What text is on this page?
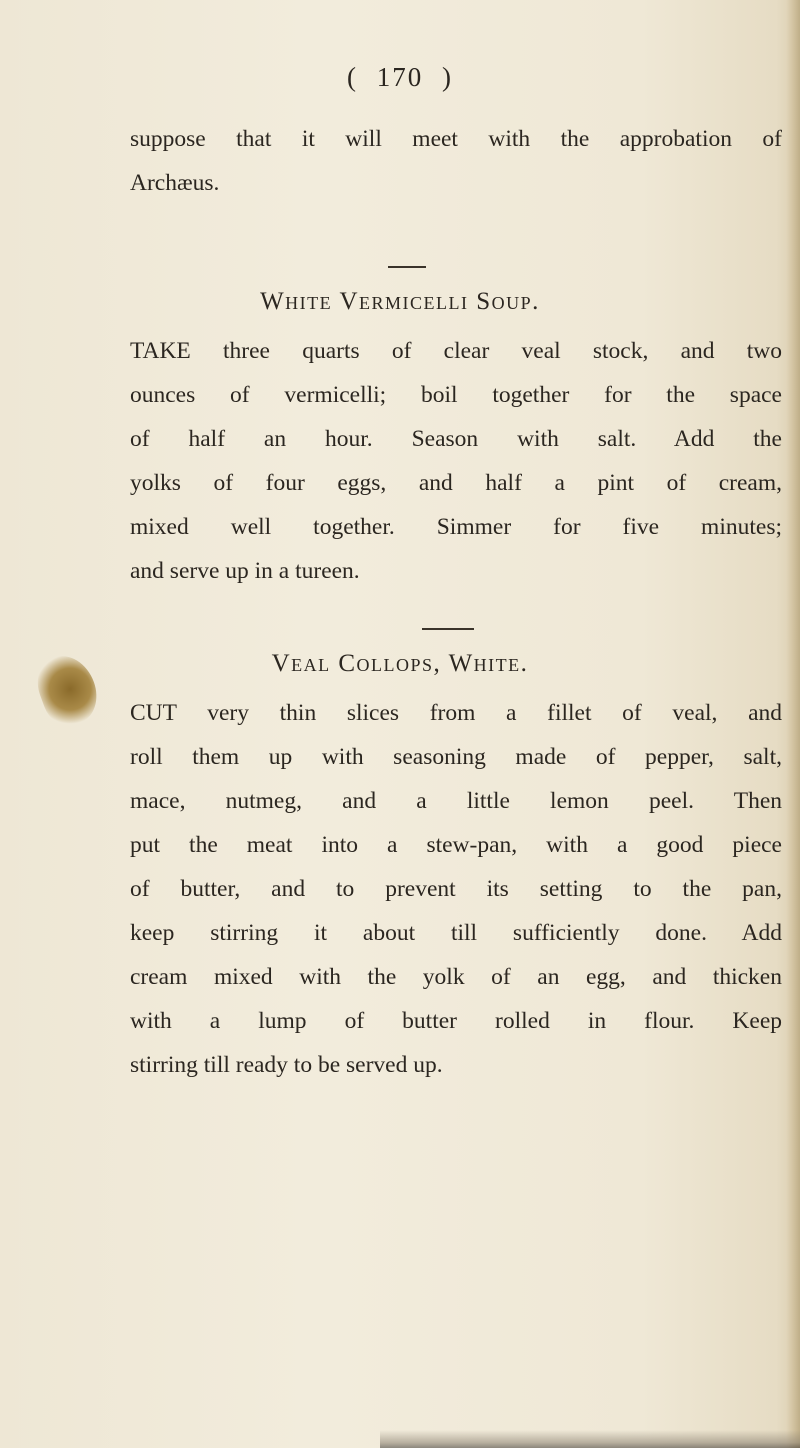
( 170 )
suppose that it will meet with the approbation of
Archæus.
White Vermicelli Soup.
TAKE three quarts of clear veal stock, and two
ounces of vermicelli; boil together for the space
of half an hour. Season with salt. Add the
yolks of four eggs, and half a pint of cream,
mixed well together. Simmer for five minutes;
and serve up in a tureen.
Veal Collops, White.
CUT very thin slices from a fillet of veal, and
roll them up with seasoning made of pepper, salt,
mace, nutmeg, and a little lemon peel. Then
put the meat into a stew-pan, with a good piece
of butter, and to prevent its setting to the pan,
keep stirring it about till sufficiently done. Add
cream mixed with the yolk of an egg, and thicken
with a lump of butter rolled in flour. Keep
stirring till ready to be served up.
